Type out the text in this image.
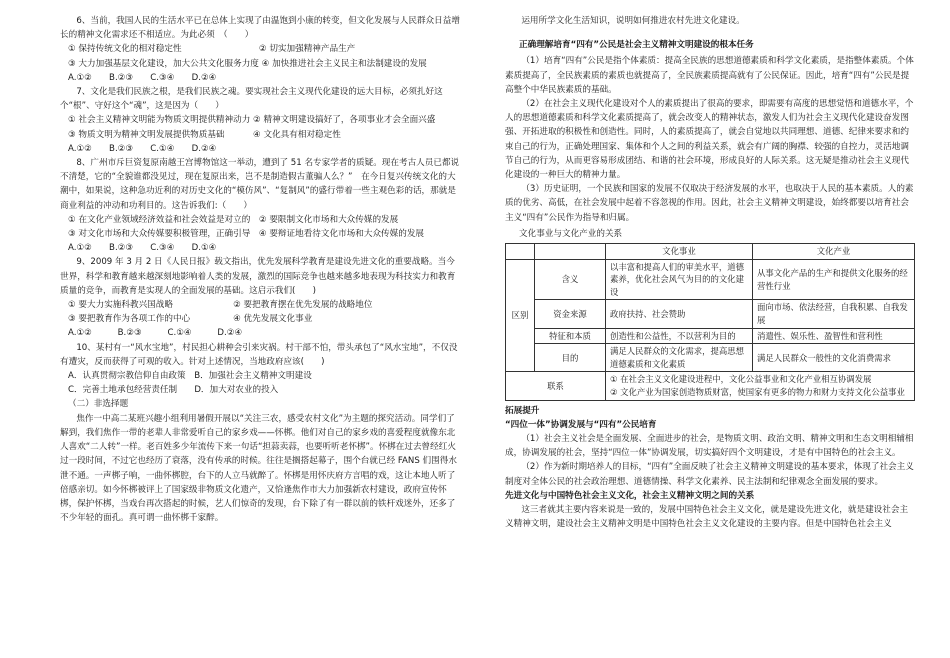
6、当前，我国人民的生活水平已在总体上实现了由温饱到小康的转变，但文化发展与人民群众日益增长的精神文化需求还不相适应。为此必须　（　　）

① 保持传统文化的相对稳定性　　　　　　　　　② 切实加强精神产品生产

③ 大力加强基层文化建设，加大公共文化服务力度 ④ 加快推进社会主义民主和法制建设的发展

A.①②　　B.②③　　C.③④　　D.②④

7、文化是我们民族之根，是我们民族之魂。要实现社会主义现代化建设的远大目标，必须扎好这个“根”、守好这个“魂”，这是因为（　　）

① 社会主义精神文明能为物质文明提供精神动力 ② 精神文明建设搞好了，各项事业才会全面兴盛

③ 物质文明为精神文明发展提供物质基础　　　 ④ 文化具有相对稳定性

A.①②　　B.②③　　C.①④　　D.②④

8、广州市斥巨资复原南越王宫博物馆这一举动，遭到了 51 名专家学者的质疑。现在考古人员已都说不清楚，它的“全貌谁都没见过，现在复原出来，岂不是制造假古董骗人么？”　在今日复兴传统文化的大潮中，如果说，这种急功近利的对历史文化的“模仿风”、“复制风”的盛行带着一些主观色彩的话，那就是商业利益的冲动和功利目的。这告诉我们:（　　）

① 在文化产业领域经济效益和社会效益是对立的　② 要限制文化市场和大众传媒的发展

③ 对文化市场和大众传媒要积极管理，正确引导　④ 要辩证地看待文化市场和大众传媒的发展

A.①②　　B.②③　　C.③④　　D.①④

9、2009 年 3 月 2 日《人民日报》载文指出，优先发展科学教育是建设先进文化的重要战略。当今世界，科学和教育越来越深刻地影响着人类的发展，激烈的国际竞争也越来越多地表现为科技实力和教育质量的竞争，而教育是实现人的全面发展的基础。这启示我们(　　)

① 要大力实施科教兴国战略　　　　　　　② 要把教育摆在优先发展的战略地位

③ 要把教育作为各项工作的中心　　　　　④ 优先发展文化事业

A.①②　　　B.②③　　　C.①④　　　D.②④

10、某村有一“风水宝地”，村民担心耕种会引来灾祸。村干部不怕，带头承包了“风水宝地”，不仅没有遭灾，反而获得了可观的收入。针对上述情况，当地政府应该(　　)

A．认真贯彻宗教信仰自由政策　B．加强社会主义精神文明建设

C．完善土地承包经营责任制　　D．加大对农业的投入

（二）非选择题

焦作一中高二某班兴趣小组利用暑假开展以“关注三农，感受农村文化”为主题的探究活动。同学们了解到，我们焦作一带的老辈人非常爱听自己的家乡戏——怀梆。他们对自己的家乡戏的喜爱程度就像东北人喜欢“二人转”一样。老百姓多少年流传下来一句话“担蒜卖蒜，也要听听老怀梆”。怀梆在过去曾经红火过一段时间，不过它也经历了衰落，没有传承的时候。往往是搁搭起幕子，围个台就已经 FANS 们围得水泄不通。一声梆子响，一曲怀梆腔，台下的人立马就醉了。怀梆是用怀庆府方言唱的戏，这让本地人听了倍感亲切。如今怀梆被评上了国家级非物质文化遗产，又恰逢焦作市大力加强新农村建设，政府宣传怀梆，保护怀梆，当戏台再次搭起的时候，艺人们惊奇的发现，台下除了有一群以前的铁杆戏迷外，还多了不少年轻的面孔。真可谓一曲怀梆千家醉。

运用所学文化生活知识，说明如何推进农村先进文化建设。

正确理解培育“四有”公民是社会主义精神文明建设的根本任务

（1）培育“四有”公民是指个体素质：提高全民族的思想道德素质和科学文化素质，是指整体素质。个体素质提高了，全民族素质的素质也就提高了，全民族素质提高就有了公民保证。因此，培育“四有”公民是提高整个中华民族素质的基础。

（2）在社会主义现代化建设对个人的素质提出了很高的要求，即需要有高度的思想觉悟和道德水平，个人的思想道德素质和科学文化素质提高了，就会改变人的精神状态，激发人们为社会主义现代化建设奋发图强、开拓进取的积极性和创造性。同时，人的素质提高了，就会自觉地以共同理想、道德、纪律来要求和约束自己的行为，正确处理国家、集体和个人之间的利益关系，就会有广阔的胸襟、较强的自控力，灵活地调节自己的行为，从而更容易形成团结、和谐的社会环境，形成良好的人际关系。这无疑是推动社会主义现代化建设的一种巨大的精神力量。

（3）历史证明，一个民族和国家的发展不仅取决于经济发展的水平，也取决于人民的基本素质。人的素质的优劣、高低，在社会发展中起着不容忽视的作用。因此，社会主义精神文明建设，始终都要以培育社会主义“四有”公民作为指导和归属。

文化事业与文化产业的关系

		文化事业	文化产业
区别	含义	以丰富和提高人们的审美水平，道德素养，优化社会风气为目的的文化建设	从事文化产品的生产和提供文化服务的经营性行业
	资金来源	政府扶持、社会赞助	面向市场、依法经营，自我积累、自我发展
	特征和本质	创造性和公益性，不以营利为目的	消遣性、娱乐性、盈智性和营利性
	目的	满足人民群众的文化需求，提高思想道德素质和文化素质	满足人民群众一般性的文化消费需求
联系		① 在社会主义文化建设进程中，文化公益事业和文化产业相互协调发展
② 文化产业为国家创造物质财富，使国家有更多的物力和财力支持文化公益事业	

拓展提升

“四位一体”协调发展与“四有”公民培育

（1）社会主义社会是全面发展、全面进步的社会，是物质文明、政治文明、精神文明和生态文明相辅相成，协调发展的社会，坚持“四位一体”协调发展，切实搞好四个文明建设，才是有中国特色的社会主义。

（2）作为新时期培养人的目标，“四有”全面反映了社会主义精神文明建设的基本要求，体现了社会主义制度对全体公民的社会政治理想、道德情操、科学文化素养、民主法制和纪律观念全面发展的要求。

先进文化与中国特色社会主义文化，社会主义精神文明之间的关系

这三者就其主要内容来说是一致的，发展中国特色社会主义文化，就是建设先进文化，就是建设社会主义精神文明，建设社会主义精神文明是中国特色社会主义文化建设的主要内容。但是中国特色社会主义
